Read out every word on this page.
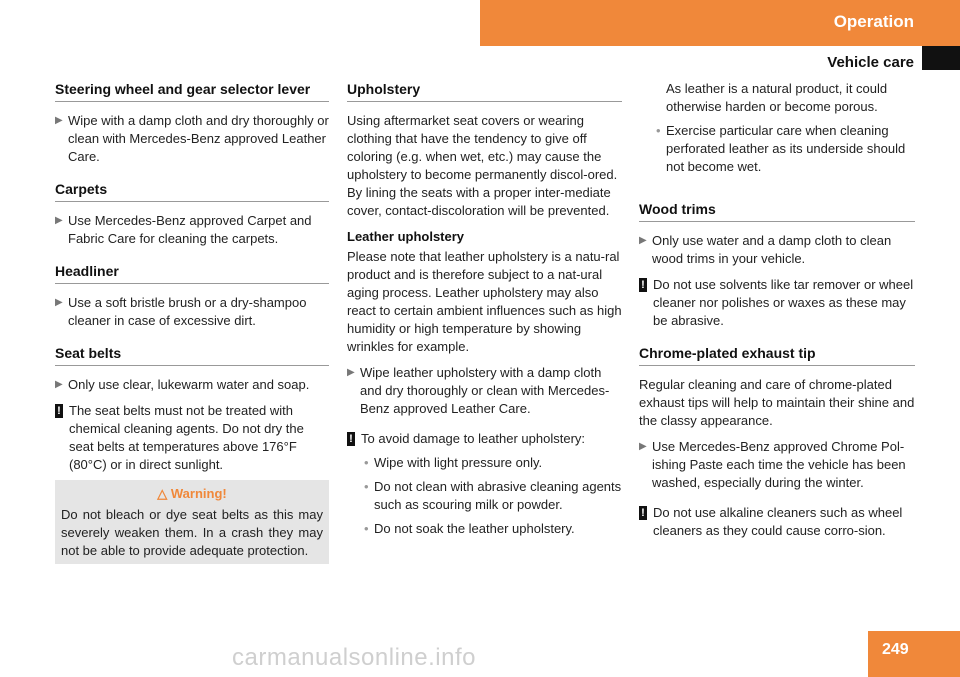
Operation
Vehicle care
Steering wheel and gear selector lever
▶ Wipe with a damp cloth and dry thoroughly or clean with Mercedes-Benz approved Leather Care.
Carpets
▶ Use Mercedes-Benz approved Carpet and Fabric Care for cleaning the carpets.
Headliner
▶ Use a soft bristle brush or a dry-shampoo cleaner in case of excessive dirt.
Seat belts
▶ Only use clear, lukewarm water and soap.
! The seat belts must not be treated with chemical cleaning agents. Do not dry the seat belts at temperatures above 176°F (80°C) or in direct sunlight.
△ Warning!
Do not bleach or dye seat belts as this may severely weaken them. In a crash they may not be able to provide adequate protection.
Upholstery

Using aftermarket seat covers or wearing clothing that have the tendency to give off coloring (e.g. when wet, etc.) may cause the upholstery to become permanently discol-ored. By lining the seats with a proper inter-mediate cover, contact-discoloration will be prevented.

Leather upholstery

Please note that leather upholstery is a natu-ral product and is therefore subject to a nat-ural aging process. Leather upholstery may also react to certain ambient influences such as high humidity or high temperature by showing wrinkles for example.

▶ Wipe leather upholstery with a damp cloth and dry thoroughly or clean with Mercedes-Benz approved Leather Care.
! To avoid damage to leather upholstery:
• Wipe with light pressure only.
• Do not clean with abrasive cleaning agents such as scouring milk or powder.
• Do not soak the leather upholstery.
As leather is a natural product, it could otherwise harden or become porous.
• Exercise particular care when cleaning perforated leather as its underside should not become wet.
Wood trims
▶ Only use water and a damp cloth to clean wood trims in your vehicle.
! Do not use solvents like tar remover or wheel cleaner nor polishes or waxes as these may be abrasive.
Chrome-plated exhaust tip

Regular cleaning and care of chrome-plated exhaust tips will help to maintain their shine and the classy appearance.

▶ Use Mercedes-Benz approved Chrome Pol-ishing Paste each time the vehicle has been washed, especially during the winter.
! Do not use alkaline cleaners such as wheel cleaners as they could cause corro-sion.
carmanualsonline.info	249
